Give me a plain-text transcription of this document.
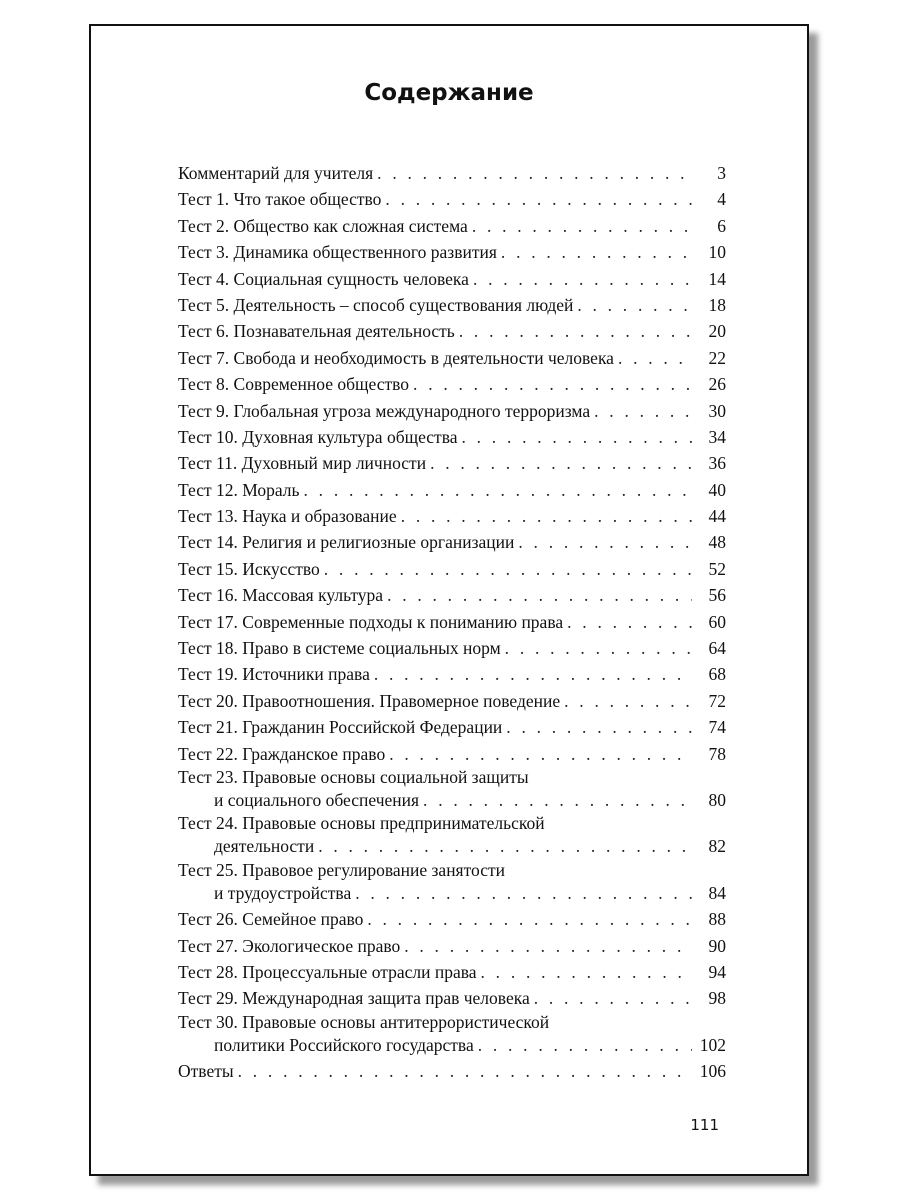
Содержание
Комментарий для учителя . . .	3
Тест 1. Что такое общество . . .	4
Тест 2. Общество как сложная система . . .	6
Тест 3. Динамика общественного развития . . .	10
Тест 4. Социальная сущность человека . . .	14
Тест 5. Деятельность – способ существования людей . . .	18
Тест 6. Познавательная деятельность . . .	20
Тест 7. Свобода и необходимость в деятельности человека . . .	22
Тест 8. Современное общество . . .	26
Тест 9. Глобальная угроза международного терроризма . . .	30
Тест 10. Духовная культура общества . . .	34
Тест 11. Духовный мир личности . . .	36
Тест 12. Мораль . . .	40
Тест 13. Наука и образование . . .	44
Тест 14. Религия и религиозные организации . . .	48
Тест 15. Искусство . . .	52
Тест 16. Массовая культура . . .	56
Тест 17. Современные подходы к пониманию права . . .	60
Тест 18. Право в системе социальных норм . . .	64
Тест 19. Источники права . . .	68
Тест 20. Правоотношения. Правомерное поведение . . .	72
Тест 21. Гражданин Российской Федерации . . .	74
Тест 22. Гражданское право . . .	78
Тест 23. Правовые основы социальной защиты
и социального обеспечения . . .	80
Тест 24. Правовые основы предпринимательской
деятельности . . .	82
Тест 25. Правовое регулирование занятости
и трудоустройства . . .	84
Тест 26. Семейное право . . .	88
Тест 27. Экологическое право . . .	90
Тест 28. Процессуальные отрасли права . . .	94
Тест 29. Международная защита прав человека . . .	98
Тест 30. Правовые основы антитеррористической
политики Российского государства . . .	102
Ответы . . .	106
111
